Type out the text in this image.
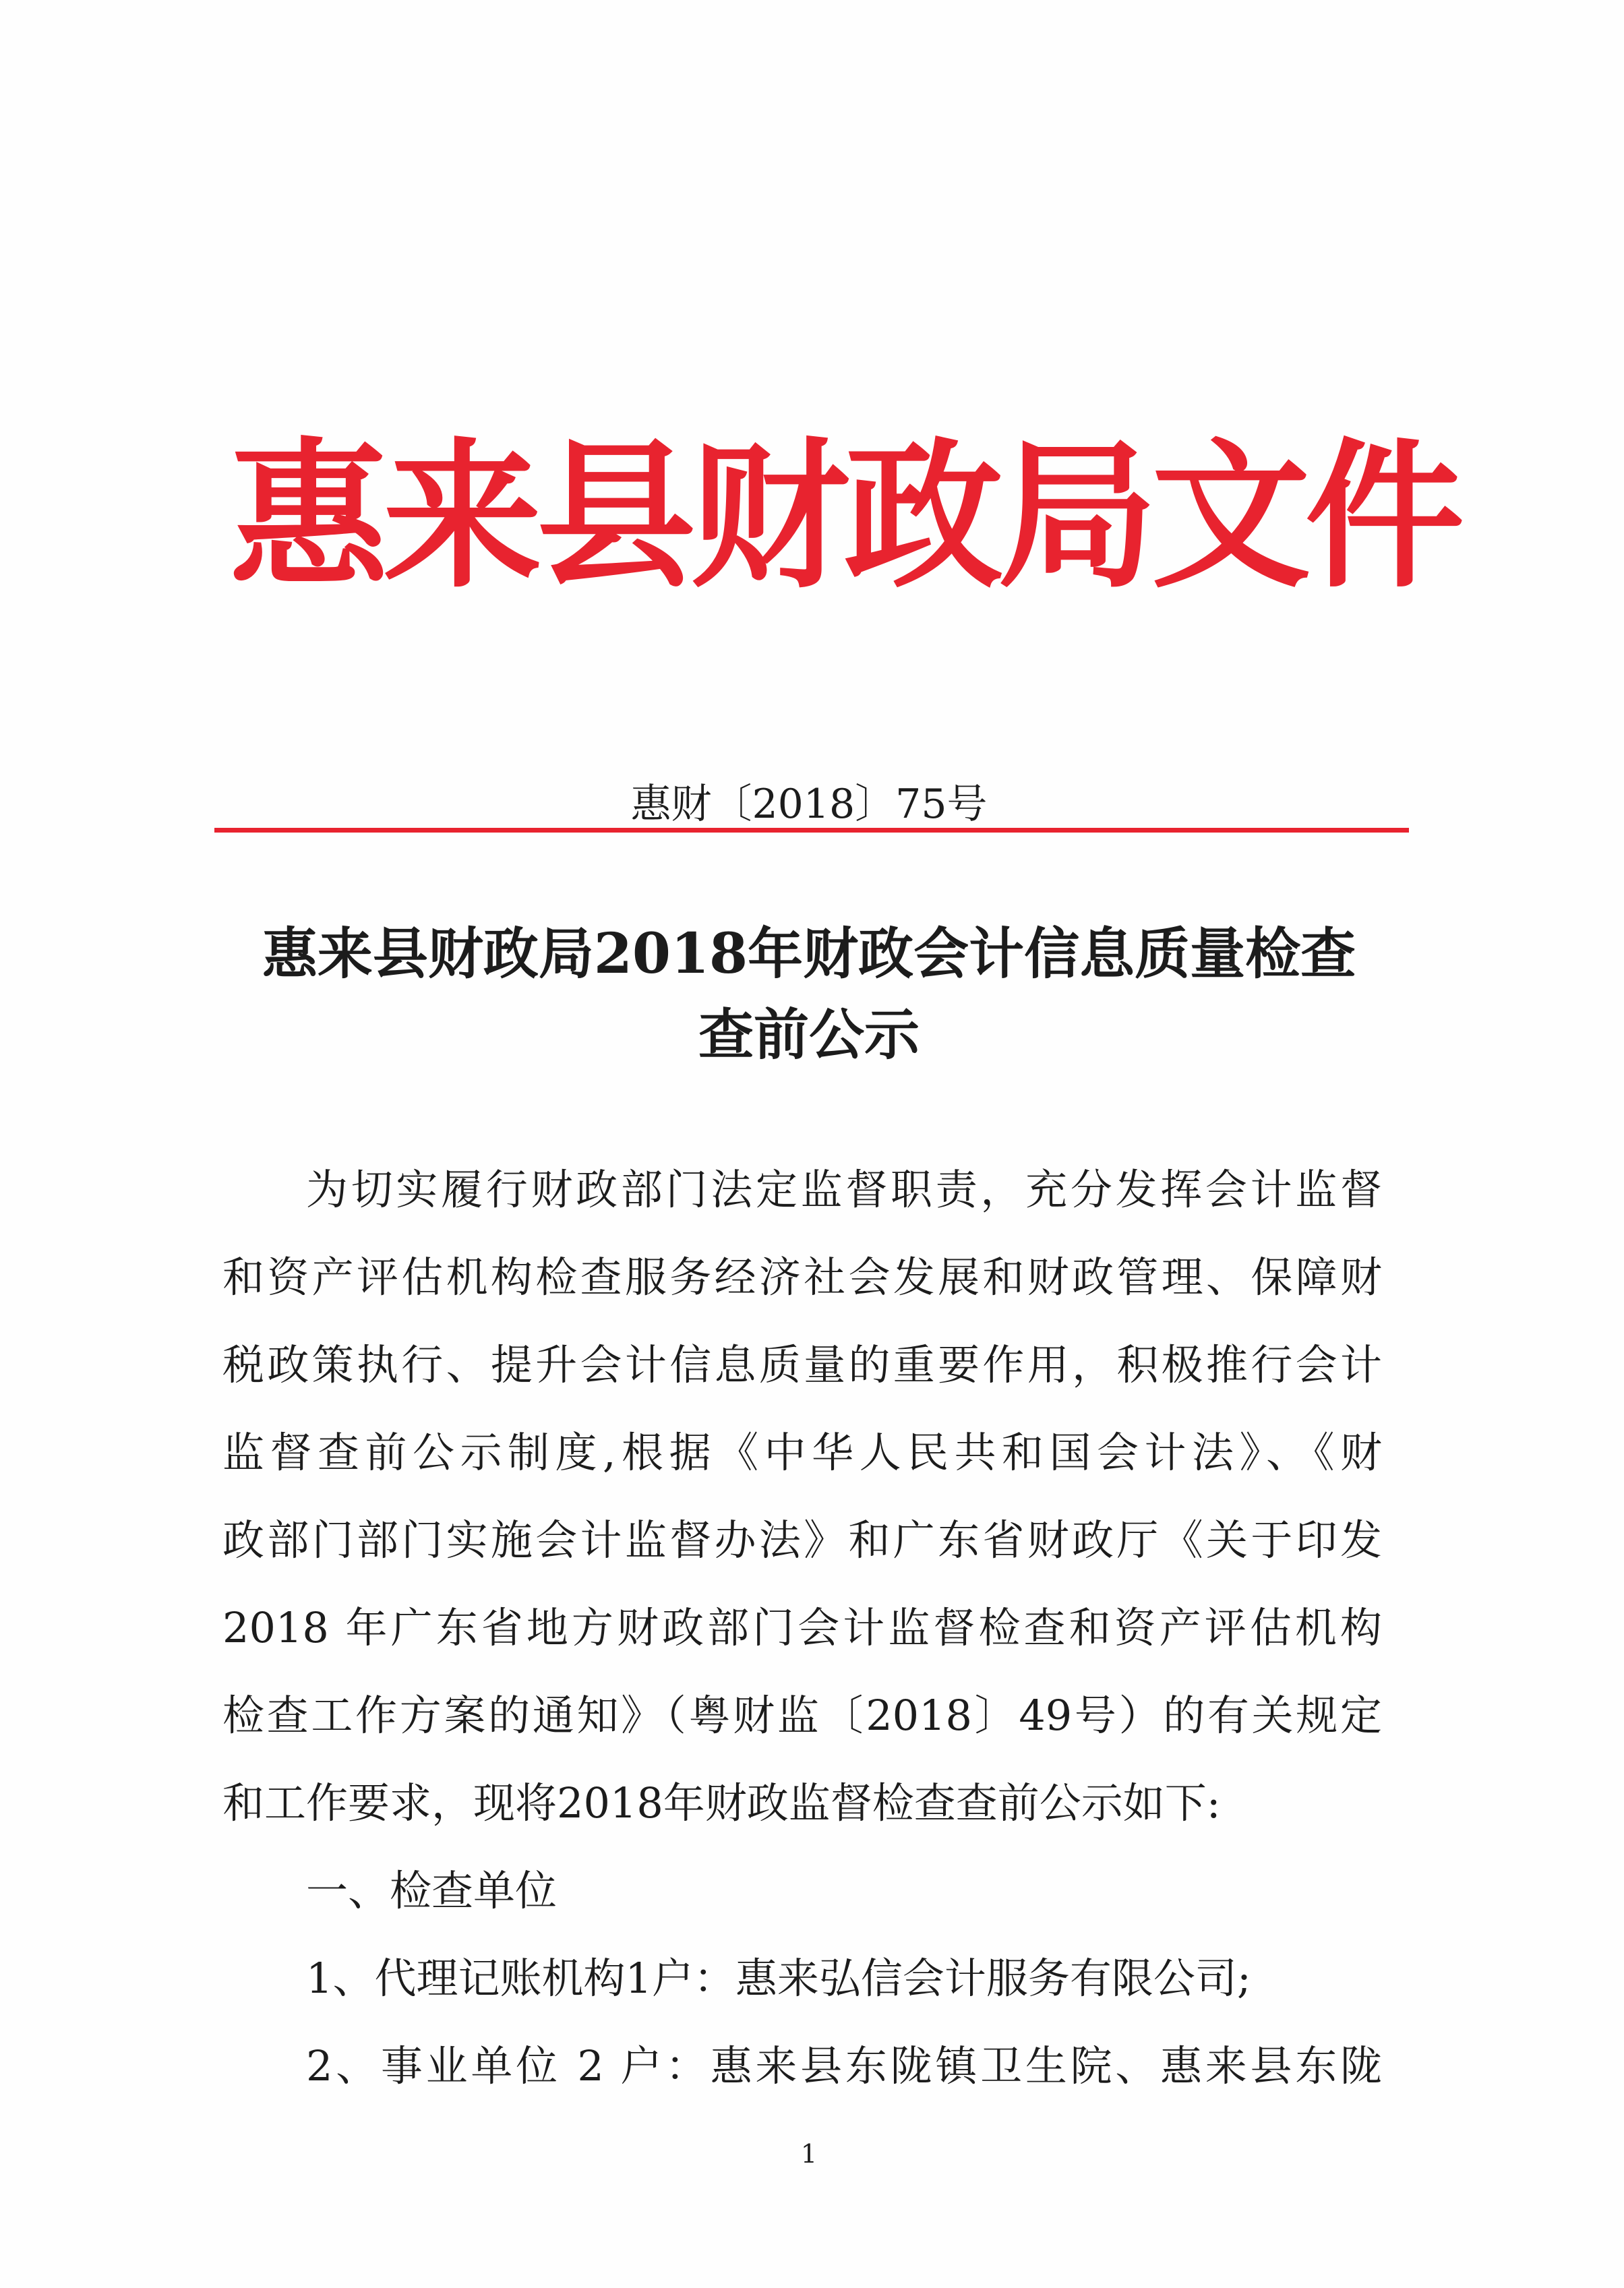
惠来县财政局文件
惠财〔2018〕75号
惠来县财政局2018年财政会计信息质量检查
查前公示
为切实履行财政部门法定监督职责，充分发挥会计监督
和资产评估机构检查服务经济社会发展和财政管理、保障财
税政策执行、提升会计信息质量的重要作用，积极推行会计
监督查前公示制度,根据《中华人民共和国会计法》、《财
政部门部门实施会计监督办法》和广东省财政厅《关于印发
2018 年广东省地方财政部门会计监督检查和资产评估机构
检查工作方案的通知》（粤财监〔2018〕49号）的有关规定
和工作要求，现将2018年财政监督检查查前公示如下:
一、检查单位
1、代理记账机构1户：惠来弘信会计服务有限公司;
2、事业单位 2 户：惠来县东陇镇卫生院、惠来县东陇
1
